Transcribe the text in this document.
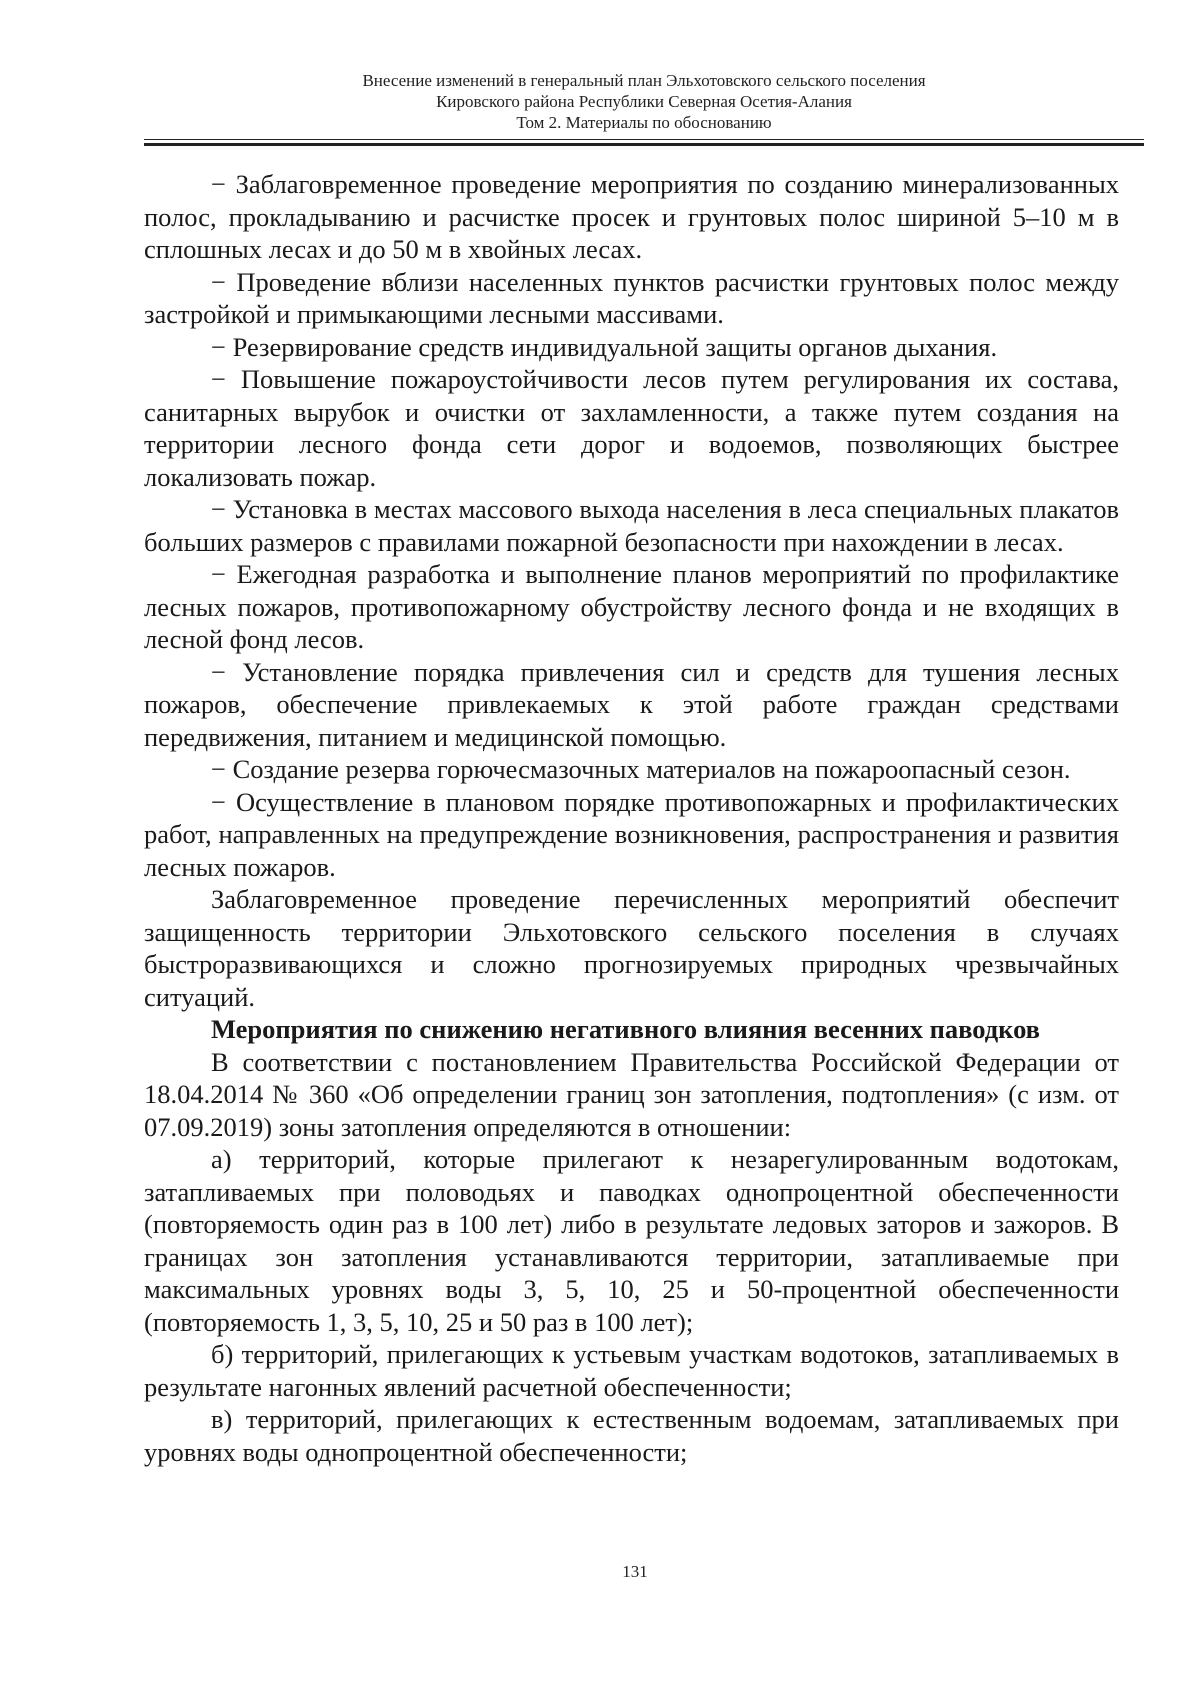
Внесение изменений в генеральный план Эльхотовского сельского поселения
Кировского района Республики Северная Осетия-Алания
Том 2. Материалы по обоснованию

− Заблаговременное проведение мероприятия по созданию минерализованных полос, прокладыванию и расчистке просек и грунтовых полос шириной 5–10 м в сплошных лесах и до 50 м в хвойных лесах.

− Проведение вблизи населенных пунктов расчистки грунтовых полос между застройкой и примыкающими лесными массивами.

− Резервирование средств индивидуальной защиты органов дыхания.

− Повышение пожароустойчивости лесов путем регулирования их состава, санитарных вырубок и очистки от захламленности, а также путем создания на территории лесного фонда сети дорог и водоемов, позволяющих быстрее локализовать пожар.

− Установка в местах массового выхода населения в леса специальных плакатов больших размеров с правилами пожарной безопасности при нахождении в лесах.

− Ежегодная разработка и выполнение планов мероприятий по профилактике лесных пожаров, противопожарному обустройству лесного фонда и не входящих в лесной фонд лесов.

− Установление порядка привлечения сил и средств для тушения лесных пожаров, обеспечение привлекаемых к этой работе граждан средствами передвижения, питанием и медицинской помощью.

− Создание резерва горючесмазочных материалов на пожароопасный сезон.

− Осуществление в плановом порядке противопожарных и профилактических работ, направленных на предупреждение возникновения, распространения и развития лесных пожаров.

Заблаговременное проведение перечисленных мероприятий обеспечит защищенность территории Эльхотовского сельского поселения в случаях быстроразвивающихся и сложно прогнозируемых природных чрезвычайных ситуаций.

Мероприятия по снижению негативного влияния весенних паводков

В соответствии с постановлением Правительства Российской Федерации от 18.04.2014 № 360 «Об определении границ зон затопления, подтопления» (с изм. от 07.09.2019) зоны затопления определяются в отношении:

а) территорий, которые прилегают к незарегулированным водотокам, затапливаемых при половодьях и паводках однопроцентной обеспеченности (повторяемость один раз в 100 лет) либо в результате ледовых заторов и зажоров. В границах зон затопления устанавливаются территории, затапливаемые при максимальных уровнях воды 3, 5, 10, 25 и 50-процентной обеспеченности (повторяемость 1, 3, 5, 10, 25 и 50 раз в 100 лет);

б) территорий, прилегающих к устьевым участкам водотоков, затапливаемых в результате нагонных явлений расчетной обеспеченности;

в) территорий, прилегающих к естественным водоемам, затапливаемых при уровнях воды однопроцентной обеспеченности;

131
